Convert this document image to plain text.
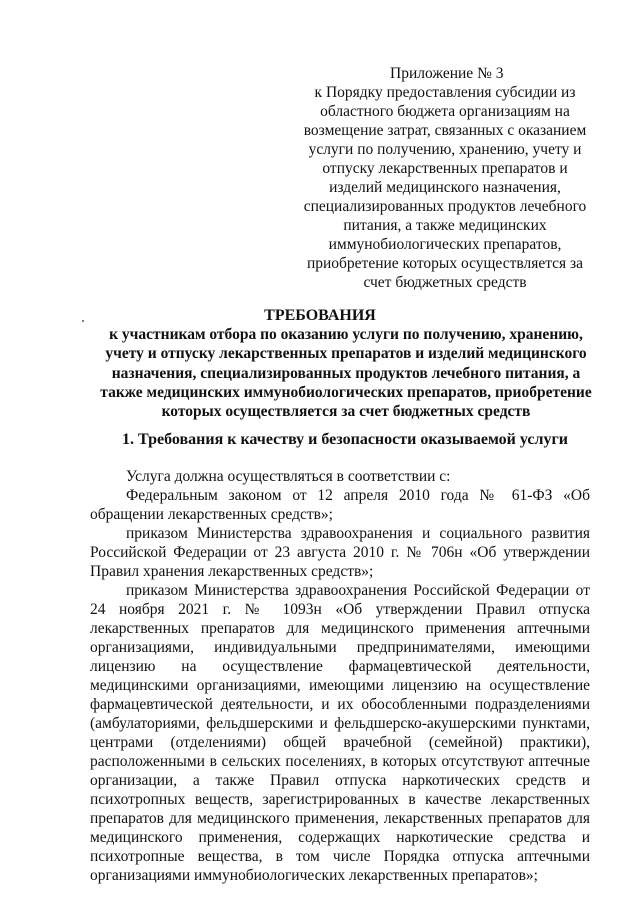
Приложение № 3
к Порядку предоставления субсидии из областного бюджета организациям на возмещение затрат, связанных с оказанием услуги по получению, хранению, учету и отпуску лекарственных препаратов и изделий медицинского назначения, специализированных продуктов лечебного питания, а также медицинских иммунобиологических препаратов, приобретение которых осуществляется за счет бюджетных средств
ТРЕБОВАНИЯ
к участникам отбора по оказанию услуги по получению, хранению, учету и отпуску лекарственных препаратов и изделий медицинского назначения, специализированных продуктов лечебного питания, а также медицинских иммунобиологических препаратов, приобретение которых осуществляется за счет бюджетных средств
1. Требования к качеству и безопасности оказываемой услуги

Услуга должна осуществляться в соответствии с:

Федеральным законом от 12 апреля 2010 года № 61-ФЗ «Об обращении лекарственных средств»;

приказом Министерства здравоохранения и социального развития Российской Федерации от 23 августа 2010 г. № 706н «Об утверждении Правил хранения лекарственных средств»;

приказом Министерства здравоохранения Российской Федерации от 24 ноября 2021 г. № 1093н «Об утверждении Правил отпуска лекарственных препаратов для медицинского применения аптечными организациями, индивидуальными предпринимателями, имеющими лицензию на осуществление фармацевтической деятельности, медицинскими организациями, имеющими лицензию на осуществление фармацевтической деятельности, и их обособленными подразделениями (амбулаториями, фельдшерскими и фельдшерско-акушерскими пунктами, центрами (отделениями) общей врачебной (семейной) практики), расположенными в сельских поселениях, в которых отсутствуют аптечные организации, а также Правил отпуска наркотических средств и психотропных веществ, зарегистрированных в качестве лекарственных препаратов для медицинского применения, лекарственных препаратов для медицинского применения, содержащих наркотические средства и психотропные вещества, в том числе Порядка отпуска аптечными организациями иммунобиологических лекарственных препаратов»;
